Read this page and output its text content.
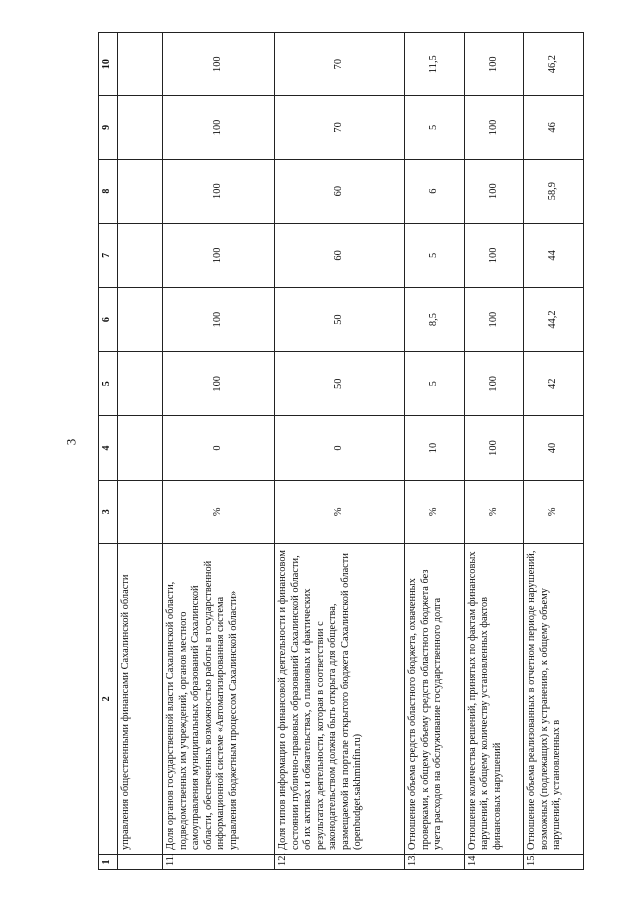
3
1	2	3	4	5	6	7	8	9	10
	управления общественными финансами Сахалинской области								
11.	Доля органов государственной власти Сахалинской области, подведомственных им учреждений, органов местного самоуправления муниципальных образований Сахалинской области, обеспеченных возможностью работы в государственной информационной системе «Автоматизированная система управления бюджетным процессом Сахалинской области»	%	0	100	100	100	100	100	100
12.	Доля типов информации о финансовой деятельности и финансовом состоянии публично-правовых образований Сахалинской области, об их активах и обязательствах, о плановых и фактических результатах деятельности, которая в соответствии с законодательством должна быть открыта для общества, размещаемой на портале открытого бюджета Сахалинской области (openbudget.sakhminfin.ru)	%	0	50	50	60	60	70	70
13.	Отношение объема средств областного бюджета, охваченных проверками, к общему объему средств областного бюджета без учета расходов на обслуживание государственного долга	%	10	5	8,5	5	6	5	11,5
14	Отношение количества решений, принятых по фактам финансовых нарушений, к общему количеству установленных фактов финансовых нарушений	%	100	100	100	100	100	100	100
15.	Отношение объема реализованных в отчетном периоде нарушений, возможных (подлежащих) к устранению, к общему объему нарушений, установленных в	%	40	42	44,2	44	58,9	46	46,2
